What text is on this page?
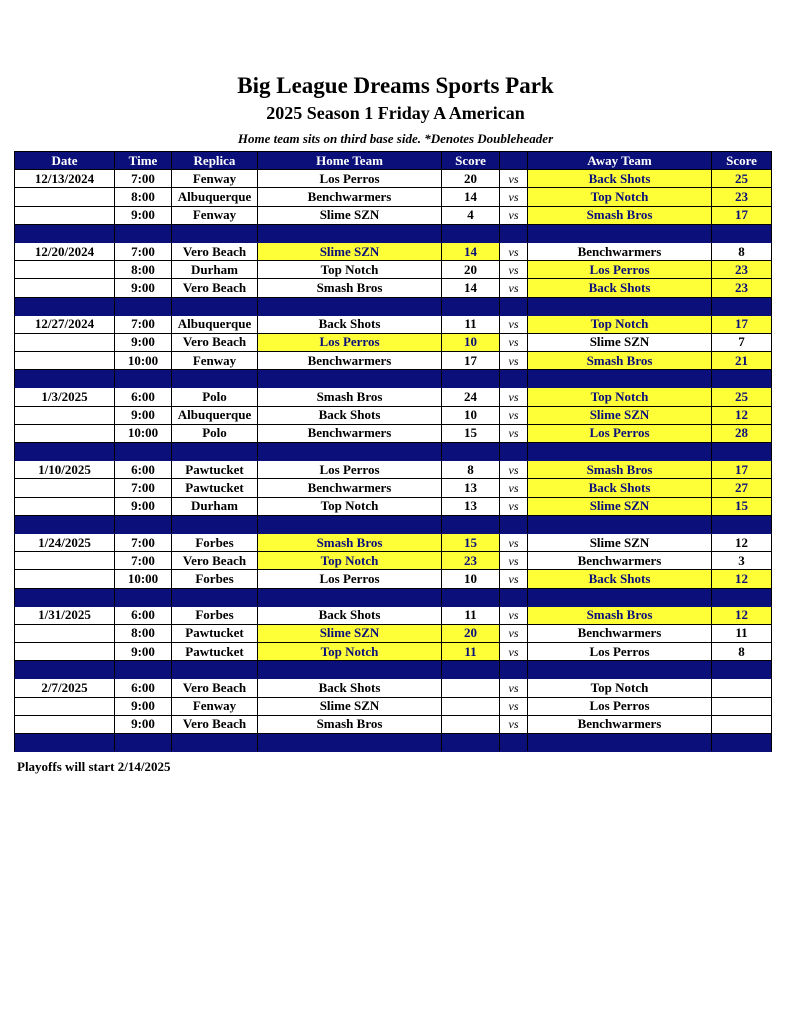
Big League Dreams Sports Park
2025 Season 1 Friday A American
Home team sits on third base side. *Denotes Doubleheader
Date	Time	Replica	Home Team	Score		Away Team	Score
12/13/2024	7:00	Fenway	Los Perros	20	vs	Back Shots	25
	8:00	Albuquerque	Benchwarmers	14	vs	Top Notch	23
	9:00	Fenway	Slime SZN	4	vs	Smash Bros	17

12/20/2024	7:00	Vero Beach	Slime SZN	14	vs	Benchwarmers	8
	8:00	Durham	Top Notch	20	vs	Los Perros	23
	9:00	Vero Beach	Smash Bros	14	vs	Back Shots	23

12/27/2024	7:00	Albuquerque	Back Shots	11	vs	Top Notch	17
	9:00	Vero Beach	Los Perros	10	vs	Slime SZN	7
	10:00	Fenway	Benchwarmers	17	vs	Smash Bros	21

1/3/2025	6:00	Polo	Smash Bros	24	vs	Top Notch	25
	9:00	Albuquerque	Back Shots	10	vs	Slime SZN	12
	10:00	Polo	Benchwarmers	15	vs	Los Perros	28

1/10/2025	6:00	Pawtucket	Los Perros	8	vs	Smash Bros	17
	7:00	Pawtucket	Benchwarmers	13	vs	Back Shots	27
	9:00	Durham	Top Notch	13	vs	Slime SZN	15

1/24/2025	7:00	Forbes	Smash Bros	15	vs	Slime SZN	12
	7:00	Vero Beach	Top Notch	23	vs	Benchwarmers	3
	10:00	Forbes	Los Perros	10	vs	Back Shots	12

1/31/2025	6:00	Forbes	Back Shots	11	vs	Smash Bros	12
	8:00	Pawtucket	Slime SZN	20	vs	Benchwarmers	11
	9:00	Pawtucket	Top Notch	11	vs	Los Perros	8

2/7/2025	6:00	Vero Beach	Back Shots		vs	Top Notch	
	9:00	Fenway	Slime SZN		vs	Los Perros	
	9:00	Vero Beach	Smash Bros		vs	Benchwarmers	

Playoffs will start 2/14/2025
